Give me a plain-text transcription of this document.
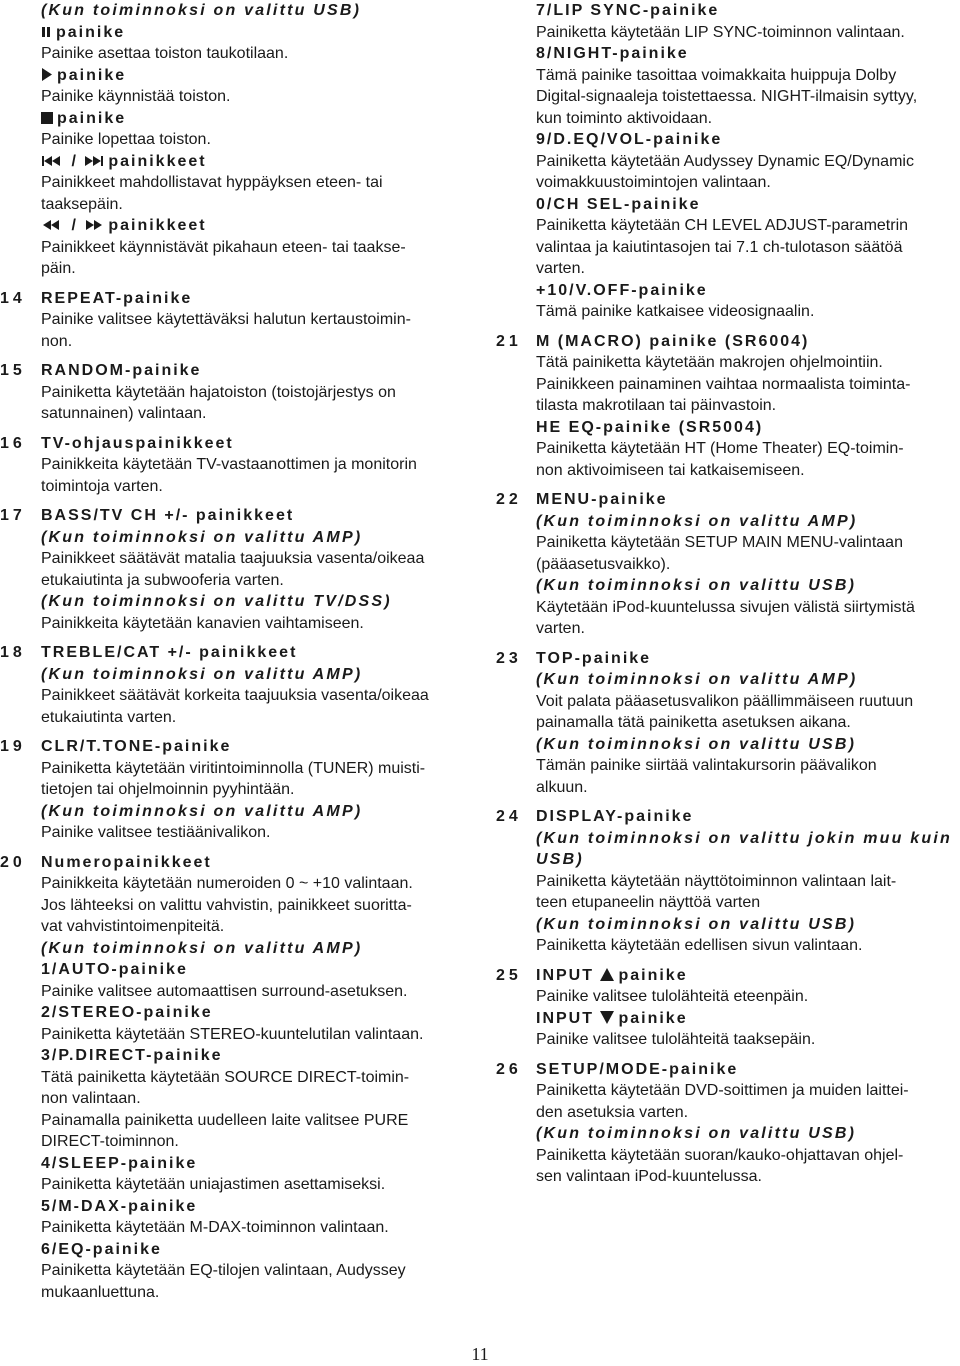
(Kun toiminnoksi on valittu USB)
painike
Painike asettaa toiston taukotilaan.
painike
Painike käynnistää toiston.
painike
Painike lopettaa toiston.
/
painikkeet
Painikkeet mahdollistavat hyppäyksen eteen- tai
taaksepäin.
/
painikkeet
Painikkeet käynnistävät pikahaun eteen- tai taakse-
päin.
14 REPEAT-painike
Painike valitsee käytettäväksi halutun kertaustoimin-
non.
15 RANDOM-painike
Painiketta käytetään hajatoiston (toistojärjestys on
satunnainen) valintaan.
16 TV-ohjauspainikkeet
Painikkeita käytetään TV-vastaanottimen ja monitorin
toimintoja varten.
17 BASS/TV CH +/- painikkeet
(Kun toiminnoksi on valittu AMP)
Painikkeet säätävät matalia taajuuksia vasenta/oikeaa
etukaiutinta ja subwooferia varten.
(Kun toiminnoksi on valittu TV/DSS)
Painikkeita käytetään kanavien vaihtamiseen.
18 TREBLE/CAT +/- painikkeet
(Kun toiminnoksi on valittu AMP)
Painikkeet säätävät korkeita taajuuksia vasenta/oikeaa
etukaiutinta varten.
19 CLR/T.TONE-painike
Painiketta käytetään viritintoiminnolla (TUNER) muisti-
tietojen tai ohjelmoinnin pyyhintään.
(Kun toiminnoksi on valittu AMP)
Painike valitsee testiäänivalikon.
20 Numeropainikkeet
Painikkeita käytetään numeroiden 0 ~ +10 valintaan.
Jos lähteeksi on valittu vahvistin, painikkeet suoritta-
vat vahvistintoimenpiteitä.
(Kun toiminnoksi on valittu AMP)
1/AUTO-painike
Painike valitsee automaattisen surround-asetuksen.
2/STEREO-painike
Painiketta käytetään STEREO-kuuntelutilan valintaan.
3/P.DIRECT-painike
Tätä painiketta käytetään SOURCE DIRECT-toimin-
non valintaan.
Painamalla painiketta uudelleen laite valitsee PURE
DIRECT-toiminnon.
4/SLEEP-painike
Painiketta käytetään uniajastimen asettamiseksi.
5/M-DAX-painike
Painiketta käytetään M-DAX-toiminnon valintaan.
6/EQ-painike
Painiketta käytetään EQ-tilojen valintaan, Audyssey
mukaanluettuna.
7/LIP SYNC-painike
Painiketta käytetään LIP SYNC-toiminnon valintaan.
8/NIGHT-painike
Tämä painike tasoittaa voimakkaita huippuja Dolby
Digital-signaaleja toistettaessa. NIGHT-ilmaisin syttyy,
kun toiminto aktivoidaan.
9/D.EQ/VOL-painike
Painiketta käytetään Audyssey Dynamic EQ/Dynamic
voimakkuustoimintojen valintaan.
0/CH SEL-painike
Painiketta käytetään CH LEVEL ADJUST-parametrin
valintaa ja kaiutintasojen tai 7.1 ch-tulotason säätöä
varten.
+10/V.OFF-painike
Tämä painike katkaisee videosignaalin.
21 M (MACRO) painike (SR6004)
Tätä painiketta käytetään makrojen ohjelmointiin.
Painikkeen painaminen vaihtaa normaalista toiminta-
tilasta makrotilaan tai päinvastoin.
HE EQ-painike (SR5004)
Painiketta käytetään HT (Home Theater) EQ-toimin-
non aktivoimiseen tai katkaisemiseen.
22 MENU-painike
(Kun toiminnoksi on valittu AMP)
Painiketta käytetään SETUP MAIN MENU-valintaan
(pääasetusvaikko).
(Kun toiminnoksi on valittu USB)
Käytetään iPod-kuuntelussa sivujen välistä siirtymistä
varten.
23 TOP-painike
(Kun toiminnoksi on valittu AMP)
Voit palata pääasetusvalikon päällimmäiseen ruutuun
painamalla tätä painiketta asetuksen aikana.
(Kun toiminnoksi on valittu USB)
Tämän painike siirtää valintakursorin päävalikon
alkuun.
24 DISPLAY-painike
(Kun toiminnoksi on valittu jokin muu kuin
USB)
Painiketta käytetään näyttötoiminnon valintaan lait-
teen etupaneelin näyttöä varten
(Kun toiminnoksi on valittu USB)
Painiketta käytetään edellisen sivun valintaan.
25 INPUT painike
Painike valitsee tulolähteitä eteenpäin.
INPUT painike
Painike valitsee tulolähteitä taaksepäin.
26 SETUP/MODE-painike
Painiketta käytetään DVD-soittimen ja muiden laittei-
den asetuksia varten.
(Kun toiminnoksi on valittu USB)
Painiketta käytetään suoran/kauko-ohjattavan ohjel-
sen valintaan iPod-kuuntelussa.
11
